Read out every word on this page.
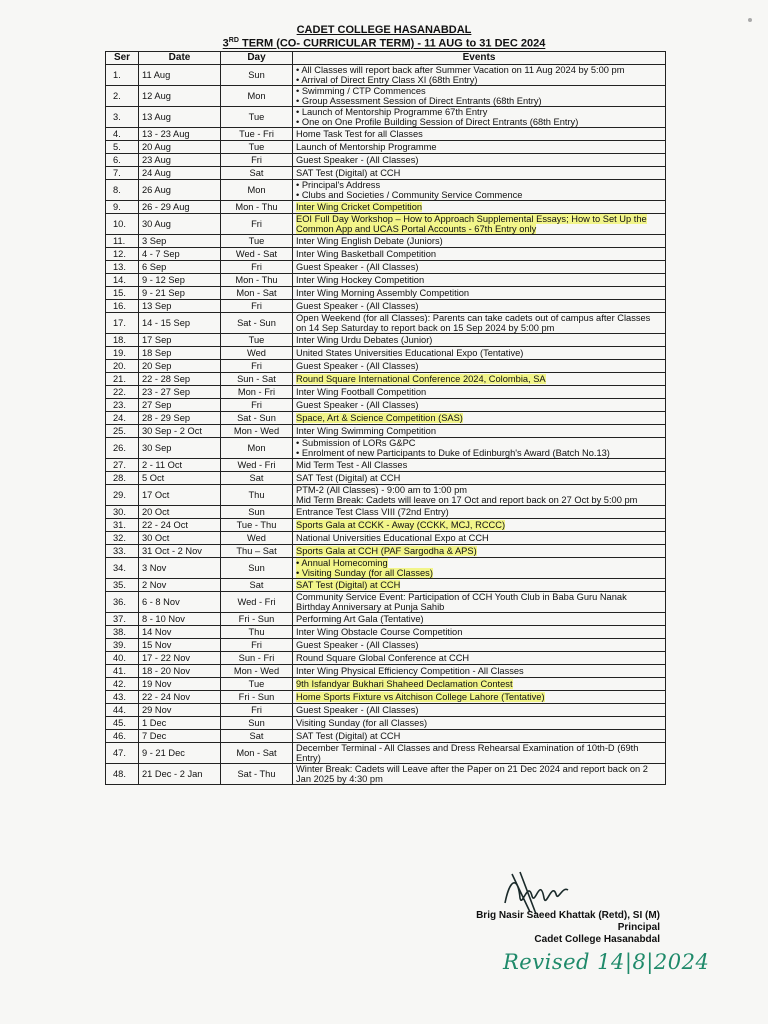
CADET COLLEGE HASANABDAL
3RD TERM (CO- CURRICULAR TERM) - 11 AUG to 31 DEC 2024
Ser	Date	Day	Events
1.	11 Aug	Sun	• All Classes will report back after Summer Vacation on 11 Aug 2024 by 5:00 pm
• Arrival of Direct Entry Class XI (68th Entry)
2.	12 Aug	Mon	• Swimming / CTP Commences
• Group Assessment Session of Direct Entrants (68th Entry)
3.	13 Aug	Tue	• Launch of Mentorship Programme 67th Entry
• One on One Profile Building Session of Direct Entrants (68th Entry)
4.	13 - 23 Aug	Tue - Fri	Home Task Test for all Classes
5.	20 Aug	Tue	Launch of Mentorship Programme
6.	23 Aug	Fri	Guest Speaker - (All Classes)
7.	24 Aug	Sat	SAT Test (Digital) at CCH
8.	26 Aug	Mon	• Principal's Address
• Clubs and Societies / Community Service Commence
9.	26 - 29 Aug	Mon - Thu	Inter Wing Cricket Competition
10.	30 Aug	Fri	EOI Full Day Workshop – How to Approach Supplemental Essays; How to Set Up the Common App and UCAS Portal Accounts - 67th Entry only
11.	3 Sep	Tue	Inter Wing English Debate (Juniors)
12.	4 - 7 Sep	Wed - Sat	Inter Wing Basketball Competition
13.	6 Sep	Fri	Guest Speaker - (All Classes)
14.	9 - 12 Sep	Mon - Thu	Inter Wing Hockey Competition
15.	9 - 21 Sep	Mon - Sat	Inter Wing Morning Assembly Competition
16.	13 Sep	Fri	Guest Speaker - (All Classes)
17.	14 - 15 Sep	Sat - Sun	Open Weekend (for all Classes): Parents can take cadets out of campus after Classes on 14 Sep Saturday to report back on 15 Sep 2024 by 5:00 pm
18.	17 Sep	Tue	Inter Wing Urdu Debates (Junior)
19.	18 Sep	Wed	United States Universities Educational Expo (Tentative)
20.	20 Sep	Fri	Guest Speaker - (All Classes)
21.	22 - 28 Sep	Sun - Sat	Round Square International Conference 2024, Colombia, SA
22.	23 - 27 Sep	Mon - Fri	Inter Wing Football Competition
23.	27 Sep	Fri	Guest Speaker - (All Classes)
24.	28 - 29 Sep	Sat - Sun	Space, Art & Science Competition (SAS)
25.	30 Sep - 2 Oct	Mon - Wed	Inter Wing Swimming Competition
26.	30 Sep	Mon	• Submission of LORs G&PC
• Enrolment of new Participants to Duke of Edinburgh's Award (Batch No.13)
27.	2 - 11 Oct	Wed - Fri	Mid Term Test - All Classes
28.	5 Oct	Sat	SAT Test (Digital) at CCH
29.	17 Oct	Thu	PTM-2 (All Classes) - 9:00 am to 1:00 pm
Mid Term Break: Cadets will leave on 17 Oct and report back on 27 Oct by 5:00 pm
30.	20 Oct	Sun	Entrance Test Class VIII (72nd Entry)
31.	22 - 24 Oct	Tue - Thu	Sports Gala at CCKK - Away (CCKK, MCJ, RCCC)
32.	30 Oct	Wed	National Universities Educational Expo at CCH
33.	31 Oct - 2 Nov	Thu – Sat	Sports Gala at CCH (PAF Sargodha & APS)
34.	3 Nov	Sun	• Annual Homecoming
• Visiting Sunday (for all Classes)
35.	2 Nov	Sat	SAT Test (Digital) at CCH
36.	6 - 8 Nov	Wed - Fri	Community Service Event: Participation of CCH Youth Club in Baba Guru Nanak Birthday Anniversary at Punja Sahib
37.	8 - 10 Nov	Fri - Sun	Performing Art Gala (Tentative)
38.	14 Nov	Thu	Inter Wing Obstacle Course Competition
39.	15 Nov	Fri	Guest Speaker - (All Classes)
40.	17 - 22 Nov	Sun - Fri	Round Square Global Conference at CCH
41.	18 - 20 Nov	Mon - Wed	Inter Wing Physical Efficiency Competition - All Classes
42.	19 Nov	Tue	9th Isfandyar Bukhari Shaheed Declamation Contest
43.	22 - 24 Nov	Fri - Sun	Home Sports Fixture vs Aitchison College Lahore (Tentative)
44.	29 Nov	Fri	Guest Speaker - (All Classes)
45.	1 Dec	Sun	Visiting Sunday (for all Classes)
46.	7 Dec	Sat	SAT Test (Digital) at CCH
47.	9 - 21 Dec	Mon - Sat	December Terminal - All Classes and Dress Rehearsal Examination of 10th-D (69th Entry)
48.	21 Dec - 2 Jan	Sat - Thu	Winter Break: Cadets will Leave after the Paper on 21 Dec 2024 and report back on 2 Jan 2025 by 4:30 pm
Brig Nasir Saeed Khattak (Retd), SI (M)
Principal
Cadet College Hasanabdal
Revised 14|8|2024
